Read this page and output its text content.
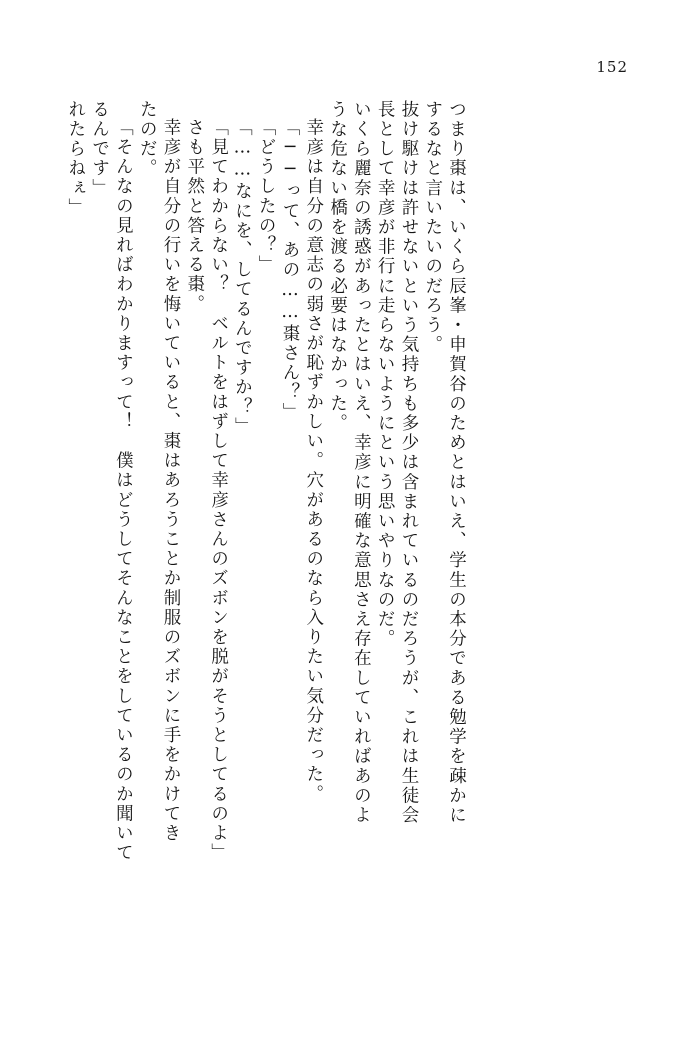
152
れたらねぇ」 るんです」 「そんなの見ればわかりますって！　僕はどうしてそんなことをしているのか聞いて たのだ。 幸彦が自分の行いを悔いていると、棗はあろうことか制服のズボンに手をかけてき さも平然と答える棗。 「見てわからない？　ベルトをはずして幸彦さんのズボンを脱がそうとしてるのよ」 「……なにを、してるんですか？」 「どうしたの？」 「──って、あの……棗さん？」 幸彦は自分の意志の弱さが恥ずかしい。穴があるのなら入りたい気分だった。 うな危ない橋を渡る必要はなかった。 いくら麗奈の誘惑があったとはいえ、幸彦に明確な意思さえ存在していればあのよ 長として幸彦が非行に走らないようにという思いやりなのだ。 抜け駆けは許せないという気持ちも多少は含まれているのだろうが、これは生徒会 するなと言いたいのだろう。 つまり棗は、いくら辰峯・申賀谷のためとはいえ、学生の本分である勉学を疎かに
